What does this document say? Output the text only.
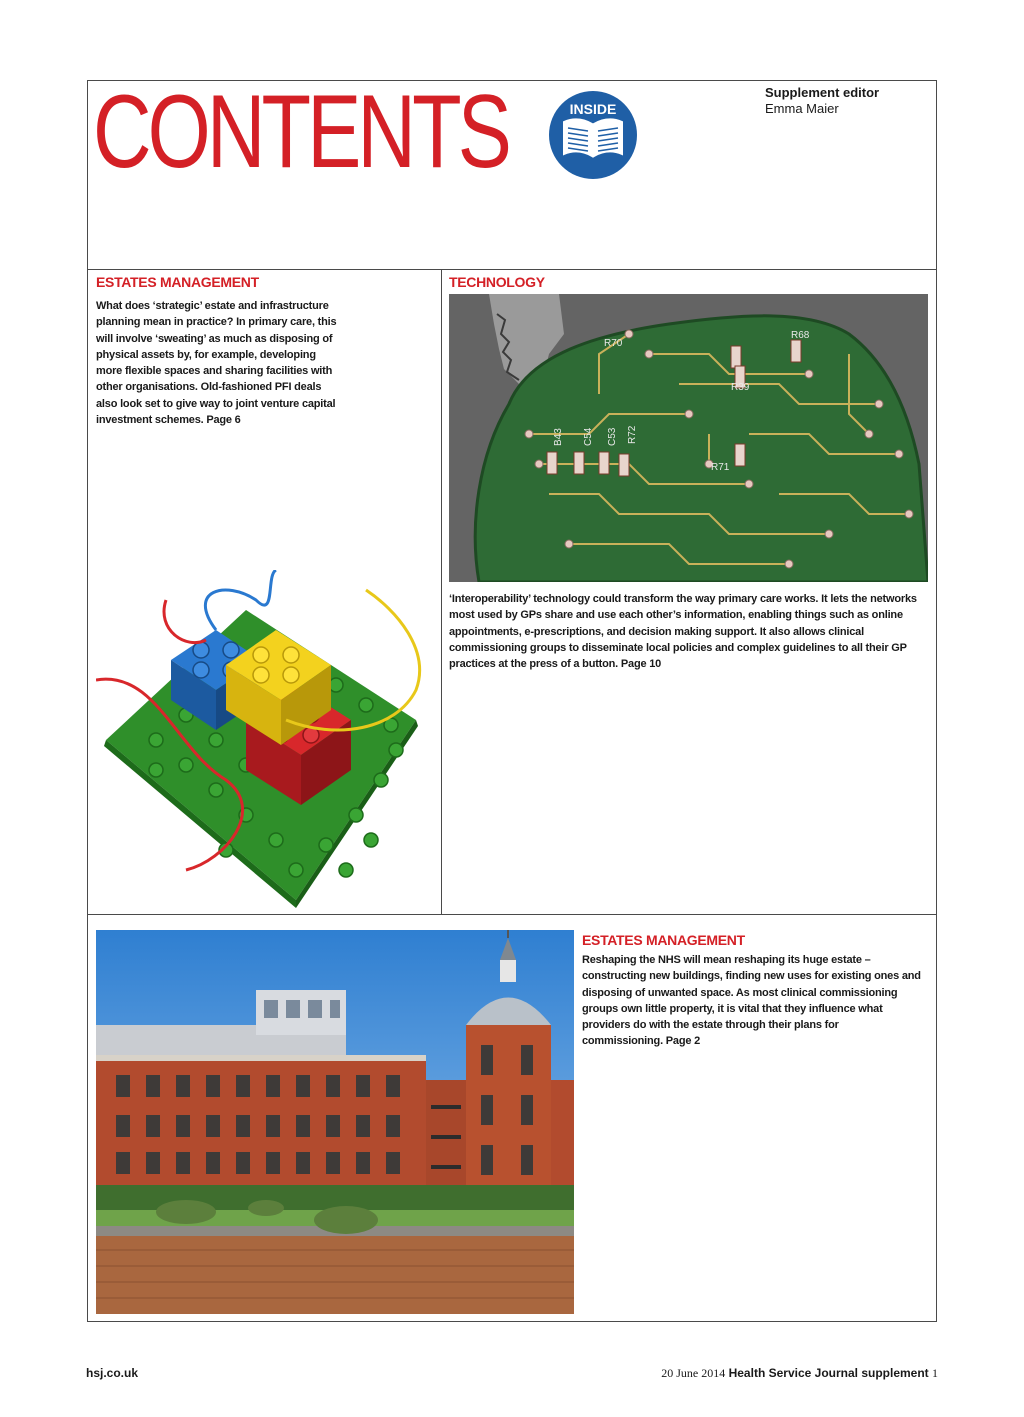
CONTENTS	INSIDE
Supplement editor
Emma Maier
ESTATES MANAGEMENT
What does ‘strategic’ estate and infrastructure planning mean in practice? In primary care, this will involve ‘sweating’ as much as disposing of physical assets by, for example, developing more flexible spaces and sharing facilities with other organisations. Old-fashioned PFI deals also look set to give way to joint venture capital investment schemes. Page 6
TECHNOLOGY
R70
R68
R39
R72
C53
C54
B43
R71
‘Interoperability’ technology could transform the way primary care works. It lets the networks most used by GPs share and use each other’s information, enabling things such as online appointments, e-prescriptions, and decision making support. It also allows clinical commissioning groups to disseminate local policies and complex guidelines to all their GP practices at the press of a button. Page 10
ESTATES MANAGEMENT
Reshaping the NHS will mean reshaping its huge estate – constructing new buildings, finding new uses for existing ones and disposing of unwanted space. As most clinical commissioning groups own little property, it is vital that they influence what providers do with the estate through their plans for commissioning. Page 2
hsj.co.uk	20 June 2014 Health Service Journal supplement 1
